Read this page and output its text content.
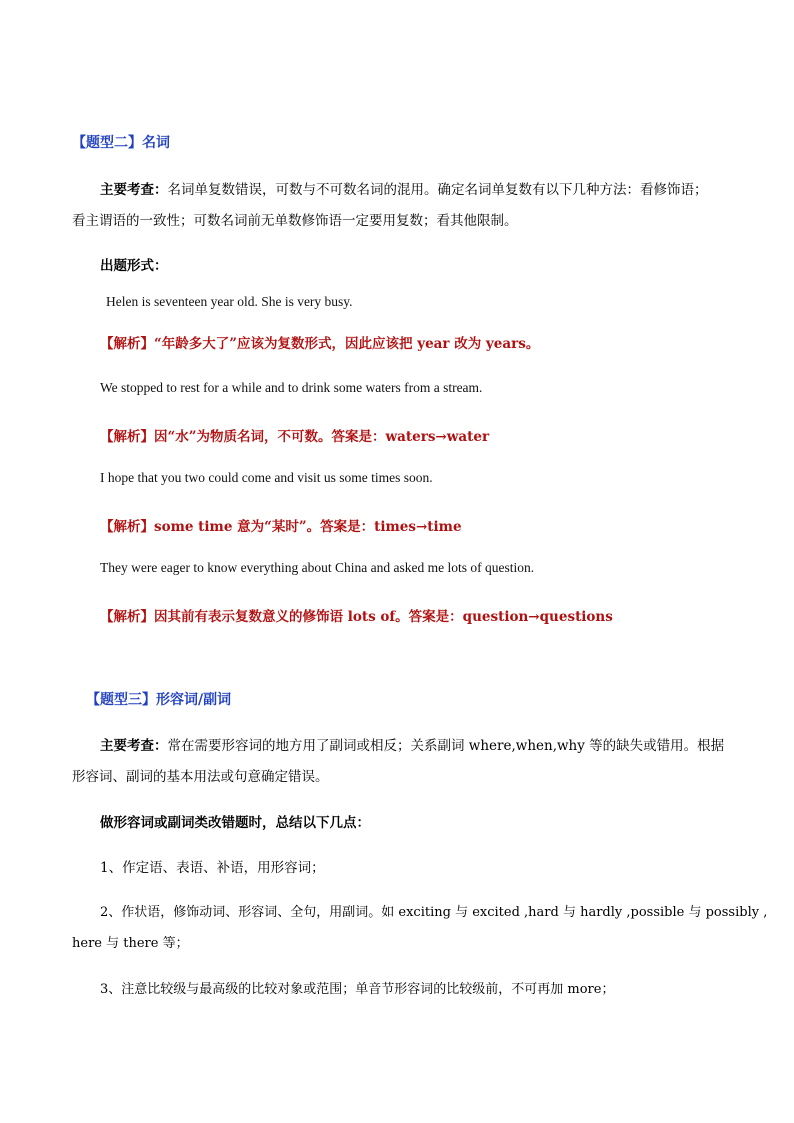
【题型二】名词
主要考查：名词单复数错误，可数与不可数名词的混用。确定名词单复数有以下几种方法：看修饰语；
看主谓语的一致性；可数名词前无单数修饰语一定要用复数；看其他限制。
出题形式：
Helen is seventeen year old. She is very busy.
【解析】“年龄多大了”应该为复数形式，因此应该把 year 改为 years。
We stopped to rest for a while and to drink some waters from a stream.
【解析】因“水”为物质名词，不可数。答案是：waters→water
I hope that you two could come and visit us some times soon.
【解析】some time 意为“某时”。答案是：times→time
They were eager to know everything about China and asked me lots of question.
【解析】因其前有表示复数意义的修饰语 lots of。答案是：question→questions
【题型三】形容词/副词
主要考查：常在需要形容词的地方用了副词或相反；关系副词 where,when,why 等的缺失或错用。根据
形容词、副词的基本用法或句意确定错误。
做形容词或副词类改错题时，总结以下几点：
1、作定语、表语、补语，用形容词；
2、作状语，修饰动词、形容词、全句，用副词。如 exciting 与 excited ,hard 与 hardly ,possible 与 possibly ,
here 与 there 等；
3、注意比较级与最高级的比较对象或范围；单音节形容词的比较级前，不可再加 more；
